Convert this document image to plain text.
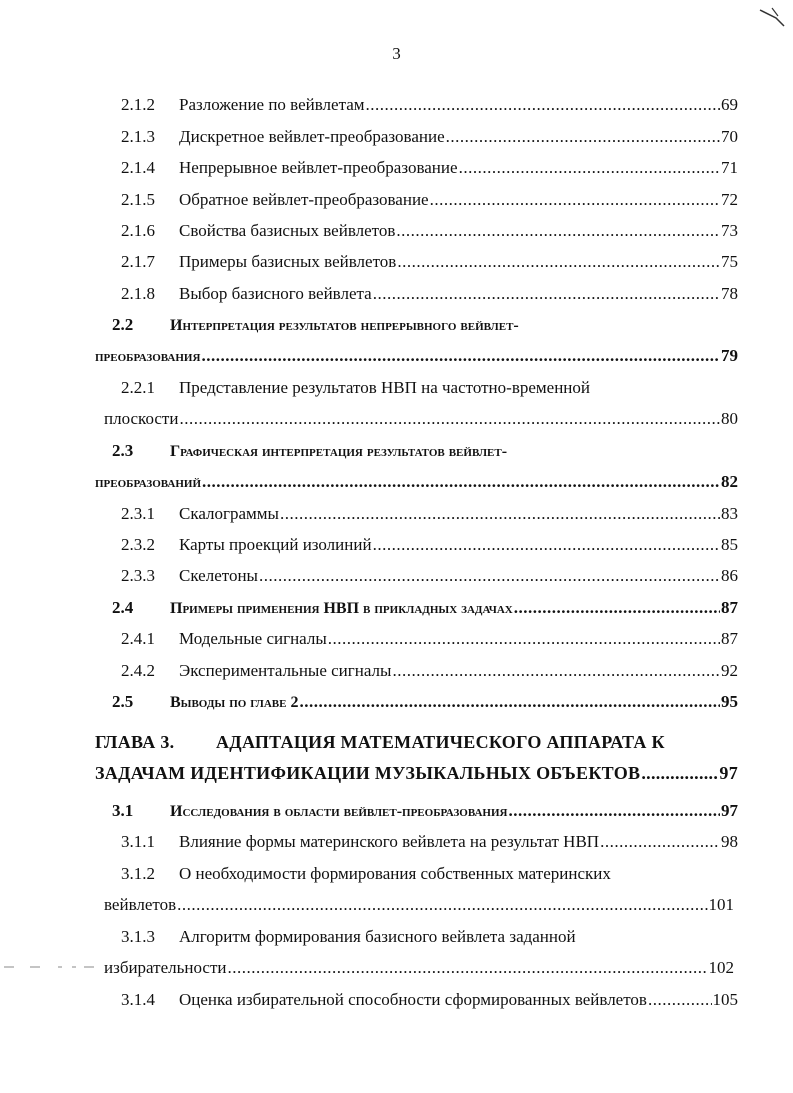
3
2.1.2	Разложение по вейвлетам .....	69
2.1.3	Дискретное вейвлет-преобразование .....	70
2.1.4	Непрерывное вейвлет-преобразование .....	71
2.1.5	Обратное вейвлет-преобразование .....	72
2.1.6	Свойства базисных вейвлетов .....	73
2.1.7	Примеры базисных вейвлетов .....	75
2.1.8	Выбор базисного вейвлета .....	78
2.2	Интерпретация результатов непрерывного вейвлет-
преобразования .....	79
2.2.1	Представление результатов НВП на частотно-временной
плоскости .....	80
2.3	Графическая интерпретация результатов вейвлет-
преобразований .....	82
2.3.1	Скалограммы .....	83
2.3.2	Карты проекций изолиний .....	85
2.3.3	Скелетоны .....	86
2.4	Примеры применения НВП в прикладных задачах .....	87
2.4.1	Модельные сигналы .....	87
2.4.2	Экспериментальные сигналы .....	92
2.5	Выводы по главе 2 .....	95
ГЛАВА 3.	АДАПТАЦИЯ МАТЕМАТИЧЕСКОГО АППАРАТА К
ЗАДАЧАМ ИДЕНТИФИКАЦИИ МУЗЫКАЛЬНЫХ ОБЪЕКТОВ .....	97
3.1	Исследования в области вейвлет-преобразования .....	97
3.1.1	Влияние формы материнского вейвлета на результат НВП .....	98
3.1.2	О необходимости формирования собственных материнских
вейвлетов .....	101
3.1.3	Алгоритм формирования базисного вейвлета заданной
избирательности .....	102
3.1.4	Оценка избирательной способности сформированных вейвлетов .....	105
